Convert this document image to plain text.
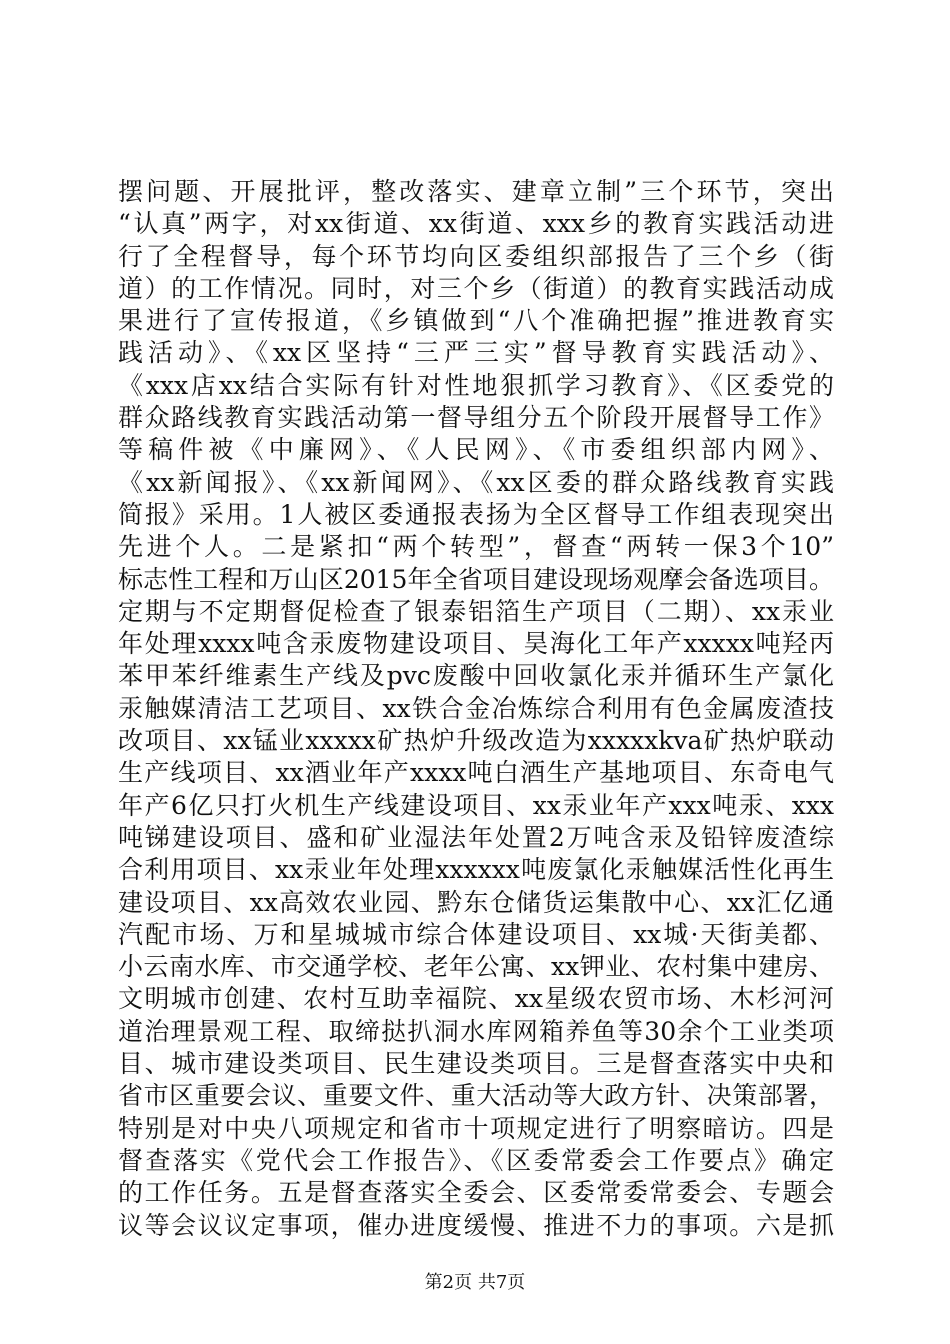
摆问题、开展批评，整改落实、建章立制”三个环节，突出
“认真”两字，对xx街道、xx街道、xxx乡的教育实践活动进
行了全程督导，每个环节均向区委组织部报告了三个乡（街
道）的工作情况。同时，对三个乡（街道）的教育实践活动成
果进行了宣传报道，《乡镇做到“八个准确把握”推进教育实
践活动》、《xx区坚持“三严三实”督导教育实践活动》、
《xxx店xx结合实际有针对性地狠抓学习教育》、《区委党的
群众路线教育实践活动第一督导组分五个阶段开展督导工作》
等稿件被《中廉网》、《人民网》、《市委组织部内网》、
《xx新闻报》、《xx新闻网》、《xx区委的群众路线教育实践
简报》采用。1人被区委通报表扬为全区督导工作组表现突出
先进个人。二是紧扣“两个转型”，督查“两转一保3个10”
标志性工程和万山区2015年全省项目建设现场观摩会备选项目。
定期与不定期督促检查了银泰铝箔生产项目（二期）、xx汞业
年处理xxxx吨含汞废物建设项目、昊海化工年产xxxxx吨羟丙
苯甲苯纤维素生产线及pvc废酸中回收氯化汞并循环生产氯化
汞触媒清洁工艺项目、xx铁合金冶炼综合利用有色金属废渣技
改项目、xx锰业xxxxx矿热炉升级改造为xxxxxkva矿热炉联动
生产线项目、xx酒业年产xxxx吨白酒生产基地项目、东奇电气
年产6亿只打火机生产线建设项目、xx汞业年产xxx吨汞、xxx
吨锑建设项目、盛和矿业湿法年处置2万吨含汞及铅锌废渣综
合利用项目、xx汞业年处理xxxxxx吨废氯化汞触媒活性化再生
建设项目、xx高效农业园、黔东仓储货运集散中心、xx汇亿通
汽配市场、万和星城城市综合体建设项目、xx城·天街美都、
小云南水库、市交通学校、老年公寓、xx钾业、农村集中建房、
文明城市创建、农村互助幸福院、xx星级农贸市场、木杉河河
道治理景观工程、取缔挞扒洞水库网箱养鱼等30余个工业类项
目、城市建设类项目、民生建设类项目。三是督查落实中央和
省市区重要会议、重要文件、重大活动等大政方针、决策部署，
特别是对中央八项规定和省市十项规定进行了明察暗访。四是
督查落实《党代会工作报告》、《区委常委会工作要点》确定
的工作任务。五是督查落实全委会、区委常委常委会、专题会
议等会议议定事项，催办进度缓慢、推进不力的事项。六是抓
第2页 共7页
